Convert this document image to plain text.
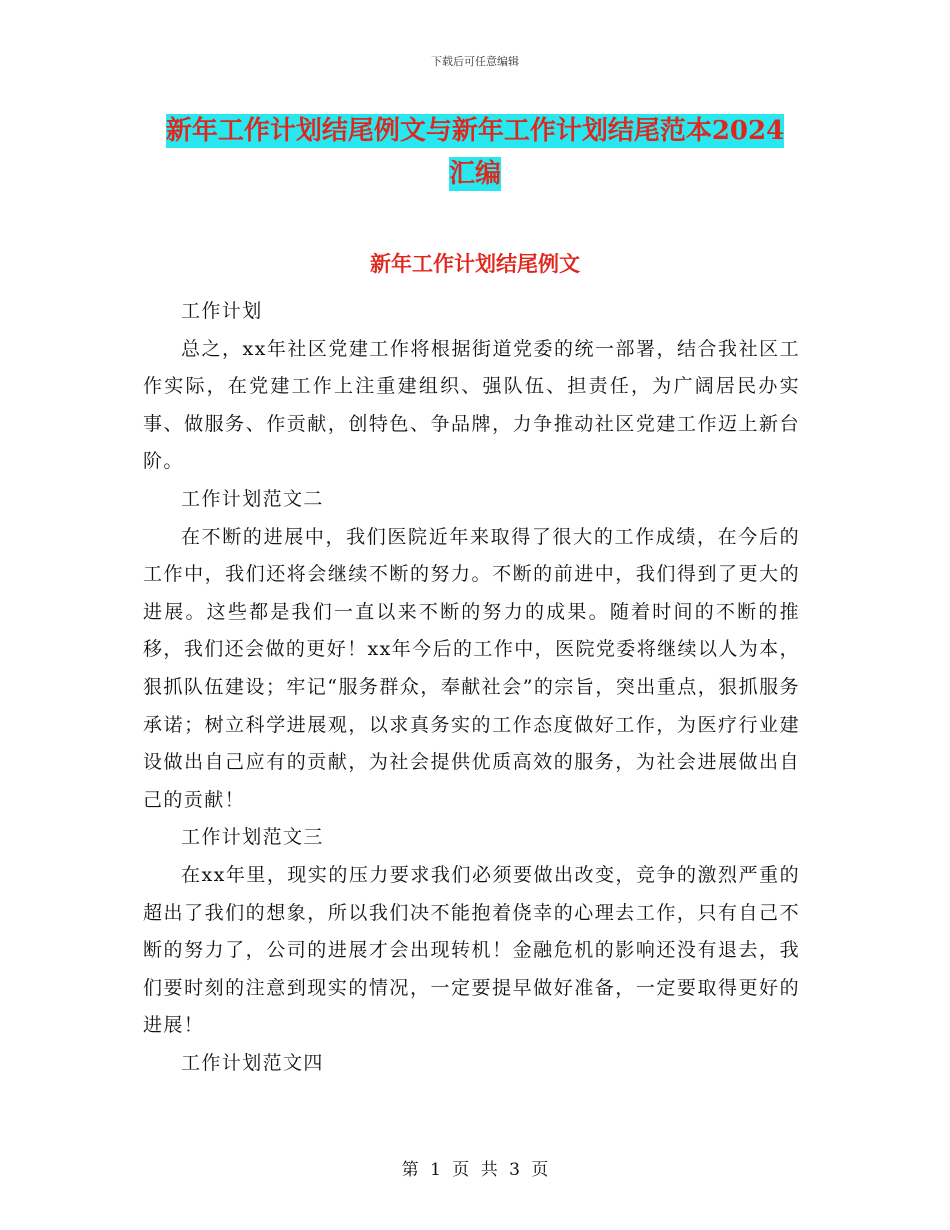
下载后可任意编辑
新年工作计划结尾例文与新年工作计划结尾范本2024
汇编
新年工作计划结尾例文

工作计划

总之，xx年社区党建工作将根据街道党委的统一部署，结合我社区工作实际，在党建工作上注重建组织、强队伍、担责任，为广阔居民办实事、做服务、作贡献，创特色、争品牌，力争推动社区党建工作迈上新台阶。

工作计划范文二

在不断的进展中，我们医院近年来取得了很大的工作成绩，在今后的工作中，我们还将会继续不断的努力。不断的前进中，我们得到了更大的进展。这些都是我们一直以来不断的努力的成果。随着时间的不断的推移，我们还会做的更好！xx年今后的工作中，医院党委将继续以人为本，狠抓队伍建设；牢记“服务群众，奉献社会”的宗旨，突出重点，狠抓服务承诺；树立科学进展观，以求真务实的工作态度做好工作，为医疗行业建设做出自己应有的贡献，为社会提供优质高效的服务，为社会进展做出自己的贡献！

工作计划范文三

在xx年里，现实的压力要求我们必须要做出改变，竞争的激烈严重的超出了我们的想象，所以我们决不能抱着侥幸的心理去工作，只有自己不断的努力了，公司的进展才会出现转机！金融危机的影响还没有退去，我们要时刻的注意到现实的情况，一定要提早做好准备，一定要取得更好的进展！

工作计划范文四

第 1 页 共 3 页
